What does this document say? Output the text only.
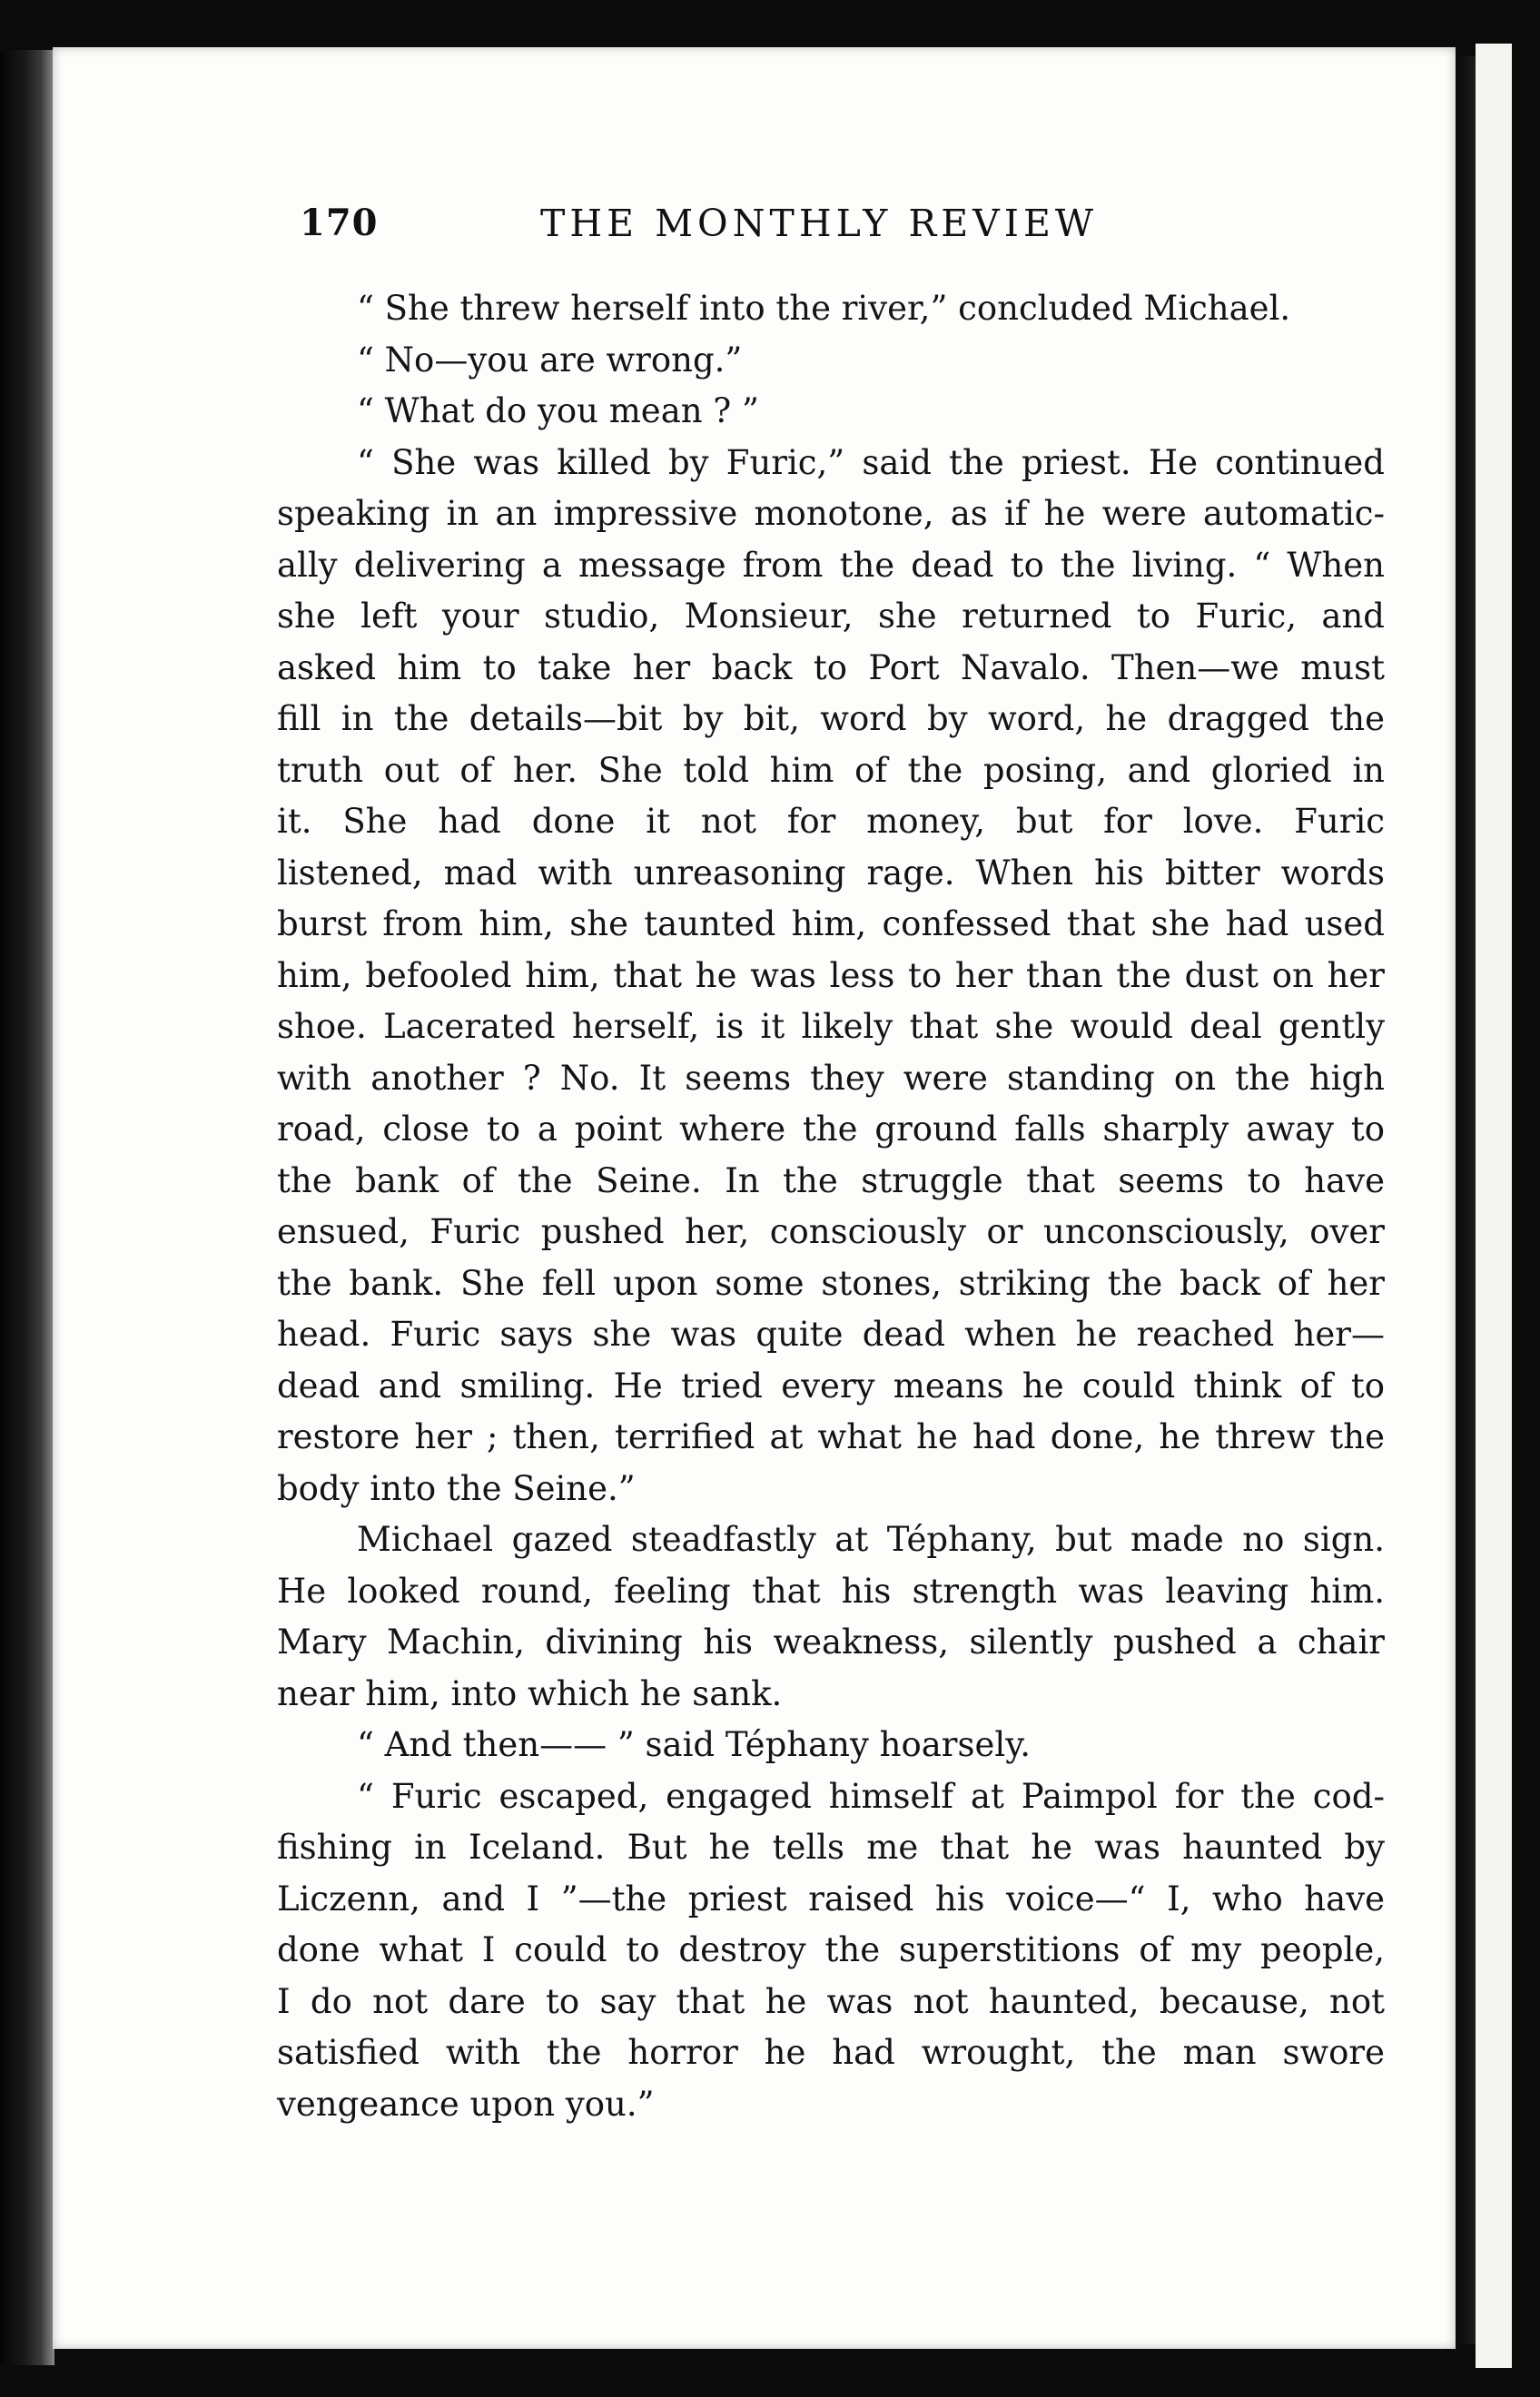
170	THE MONTHLY REVIEW
“ She threw herself into the river,” concluded Michael.
“ No—you are wrong.”
“ What do you mean ? ”
“ She was killed by Furic,” said the priest. He continued
speaking in an impressive monotone, as if he were automatic-
ally delivering a message from the dead to the living. “ When
she left your studio, Monsieur, she returned to Furic, and
asked him to take her back to Port Navalo. Then—we must
fill in the details—bit by bit, word by word, he dragged the
truth out of her. She told him of the posing, and gloried in
it. She had done it not for money, but for love. Furic
listened, mad with unreasoning rage. When his bitter words
burst from him, she taunted him, confessed that she had used
him, befooled him, that he was less to her than the dust on her
shoe. Lacerated herself, is it likely that she would deal gently
with another ? No. It seems they were standing on the high
road, close to a point where the ground falls sharply away to
the bank of the Seine. In the struggle that seems to have
ensued, Furic pushed her, consciously or unconsciously, over
the bank. She fell upon some stones, striking the back of her
head. Furic says she was quite dead when he reached her—
dead and smiling. He tried every means he could think of to
restore her ; then, terrified at what he had done, he threw the
body into the Seine.”
Michael gazed steadfastly at Téphany, but made no sign.
He looked round, feeling that his strength was leaving him.
Mary Machin, divining his weakness, silently pushed a chair
near him, into which he sank.
“ And then—— ” said Téphany hoarsely.
“ Furic escaped, engaged himself at Paimpol for the cod-
fishing in Iceland. But he tells me that he was haunted by
Liczenn, and I ”—the priest raised his voice—“ I, who have
done what I could to destroy the superstitions of my people,
I do not dare to say that he was not haunted, because, not
satisfied with the horror he had wrought, the man swore
vengeance upon you.”
